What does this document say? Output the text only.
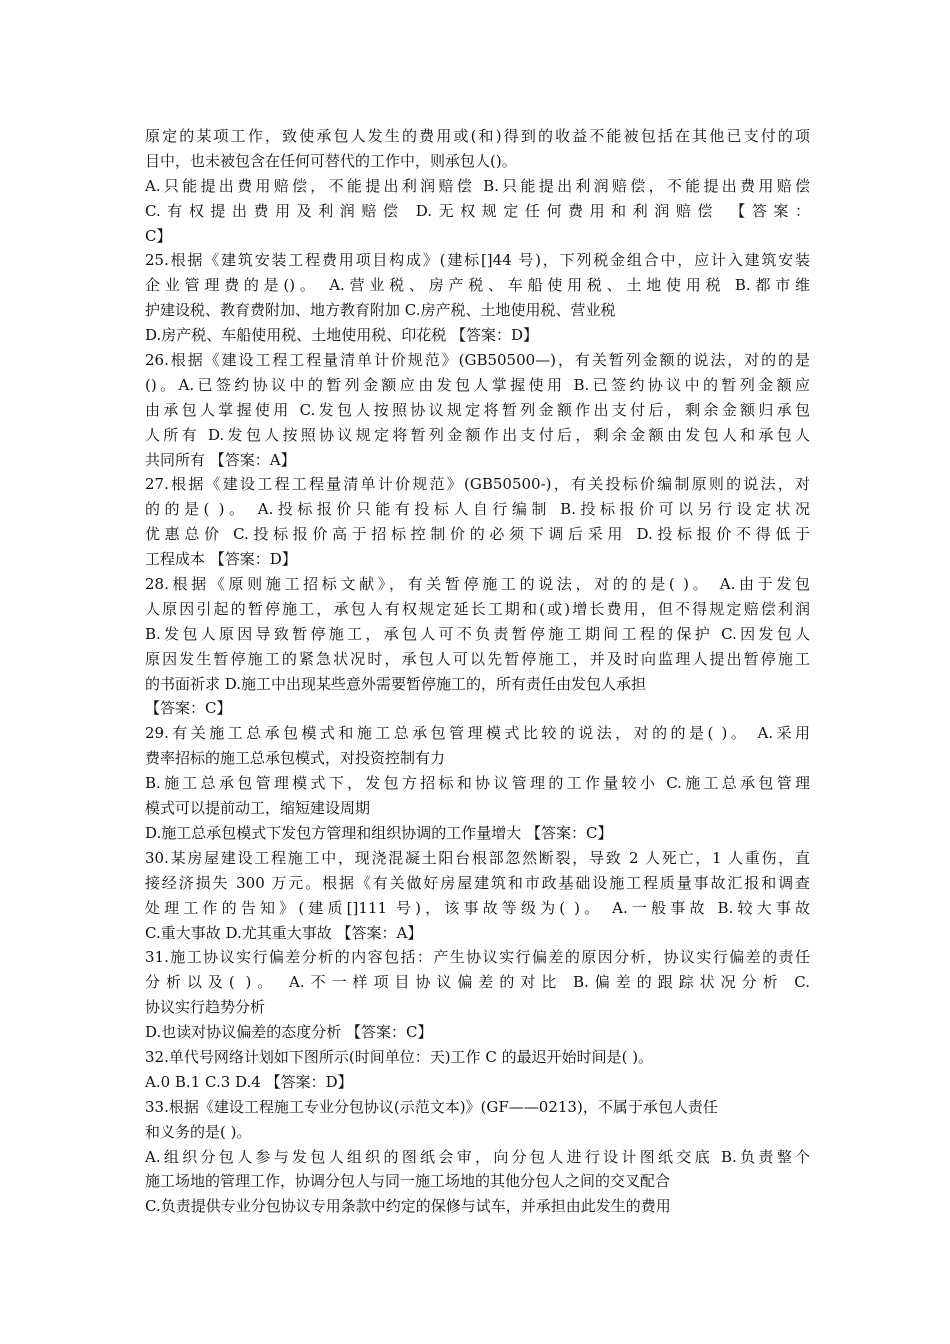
原定的某项工作，致使承包人发生的费用或(和)得到的收益不能被包括在其他已支付的项
目中，也未被包含在任何可替代的工作中，则承包人()。
A.只能提出费用赔偿，不能提出利润赔偿 B.只能提出利润赔偿，不能提出费用赔偿
C.有权提出费用及利润赔偿 D.无权规定任何费用和利润赔偿 【答案：
C】
25.根据《建筑安装工程费用项目构成》(建标[]44 号)，下列税金组合中，应计入建筑安装
企业管理费的是()。 A.营业税、房产税、车船使用税、土地使用税 B.都市维
护建设税、教育费附加、地方教育附加 C.房产税、土地使用税、营业税
D.房产税、车船使用税、土地使用税、印花税 【答案：D】
26.根据《建设工程工程量清单计价规范》(GB50500—)，有关暂列金额的说法，对的的是
()。A.已签约协议中的暂列金额应由发包人掌握使用 B.已签约协议中的暂列金额应
由承包人掌握使用 C.发包人按照协议规定将暂列金额作出支付后，剩余金额归承包
人所有 D.发包人按照协议规定将暂列金额作出支付后，剩余金额由发包人和承包人
共同所有 【答案：A】
27.根据《建设工程工程量清单计价规范》(GB50500-)，有关投标价编制原则的说法，对
的的是( )。 A.投标报价只能有投标人自行编制 B.投标报价可以另行设定状况
优惠总价 C.投标报价高于招标控制价的必须下调后采用 D.投标报价不得低于
工程成本 【答案：D】
28.根据《原则施工招标文献》，有关暂停施工的说法，对的的是( )。 A.由于发包
人原因引起的暂停施工，承包人有权规定延长工期和(或)增长费用，但不得规定赔偿利润
B.发包人原因导致暂停施工，承包人可不负责暂停施工期间工程的保护 C.因发包人
原因发生暂停施工的紧急状况时，承包人可以先暂停施工，并及时向监理人提出暂停施工
的书面祈求 D.施工中出现某些意外需要暂停施工的，所有责任由发包人承担
【答案：C】
29.有关施工总承包模式和施工总承包管理模式比较的说法，对的的是( )。 A.采用
费率招标的施工总承包模式，对投资控制有力
B.施工总承包管理模式下，发包方招标和协议管理的工作量较小 C.施工总承包管理
模式可以提前动工，缩短建设周期
D.施工总承包模式下发包方管理和组织协调的工作量增大 【答案：C】
30.某房屋建设工程施工中，现浇混凝土阳台根部忽然断裂，导致 2 人死亡，1 人重伤，直
接经济损失 300 万元。根据《有关做好房屋建筑和市政基础设施工程质量事故汇报和调查
处理工作的告知》(建质[]111 号)，该事故等级为( )。 A.一般事故 B.较大事故
C.重大事故 D.尤其重大事故 【答案：A】
31.施工协议实行偏差分析的内容包括：产生协议实行偏差的原因分析，协议实行偏差的责任
分析以及( )。 A.不一样项目协议偏差的对比 B.偏差的跟踪状况分析 C.
协议实行趋势分析
D.也读对协议偏差的态度分析 【答案：C】
32.单代号网络计划如下图所示(时间单位：天)工作 C 的最迟开始时间是( )。
A.0 B.1 C.3 D.4 【答案：D】
33.根据《建设工程施工专业分包协议(示范文本)》(GF——0213)，不属于承包人责任
和义务的是( )。
A.组织分包人参与发包人组织的图纸会审，向分包人进行设计图纸交底 B.负责整个
施工场地的管理工作，协调分包人与同一施工场地的其他分包人之间的交叉配合
C.负责提供专业分包协议专用条款中约定的保修与试车，并承担由此发生的费用
